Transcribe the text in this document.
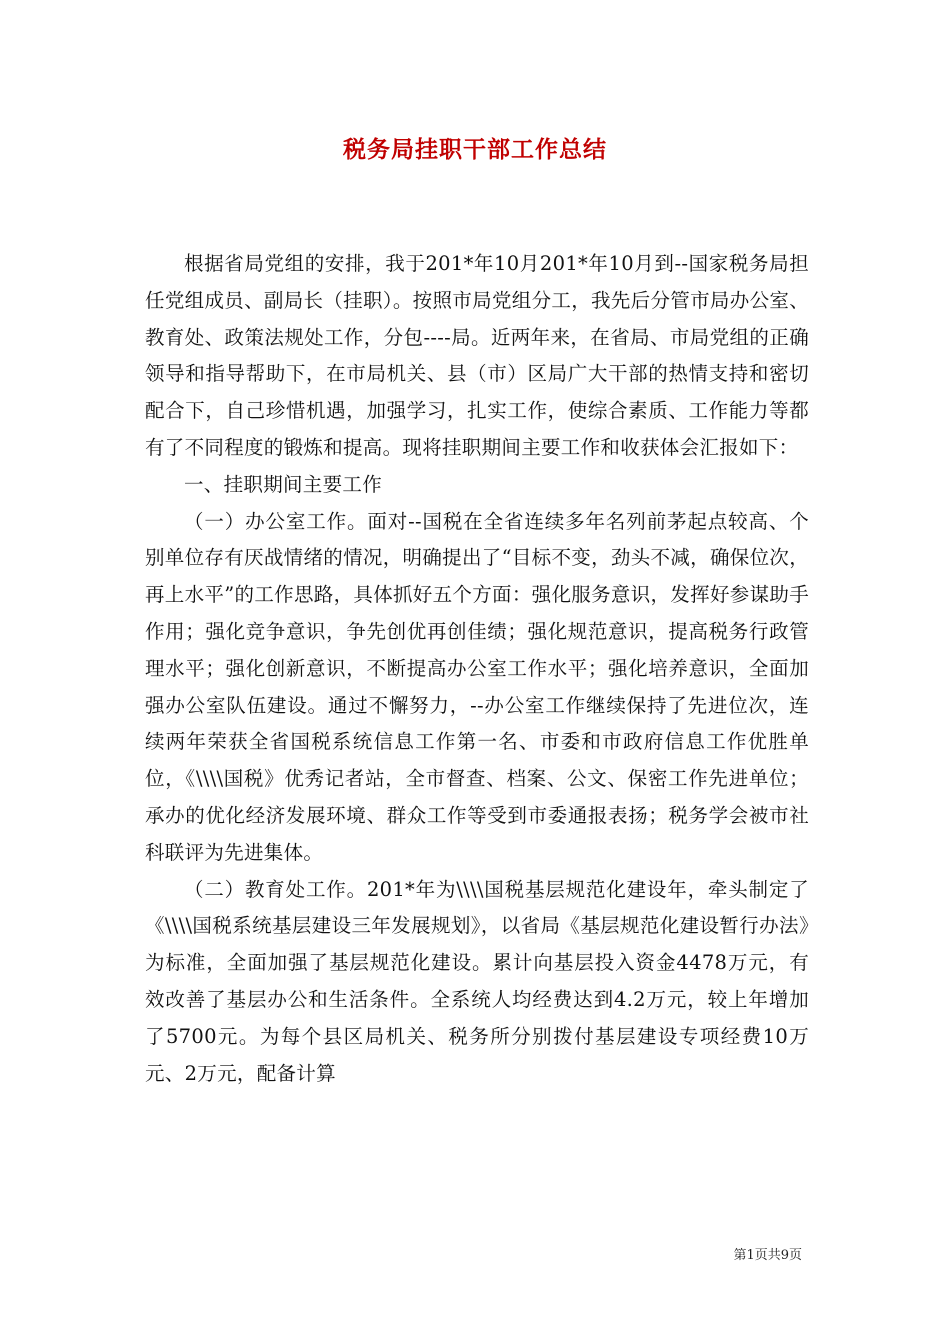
税务局挂职干部工作总结

根据省局党组的安排，我于201*年10月201*年10月到--国家税务局担任党组成员、副局长（挂职）。按照市局党组分工，我先后分管市局办公室、教育处、政策法规处工作，分包----局。近两年来，在省局、市局党组的正确领导和指导帮助下，在市局机关、县（市）区局广大干部的热情支持和密切配合下，自己珍惜机遇，加强学习，扎实工作，使综合素质、工作能力等都有了不同程度的锻炼和提高。现将挂职期间主要工作和收获体会汇报如下：

一、挂职期间主要工作

（一）办公室工作。面对--国税在全省连续多年名列前茅起点较高、个别单位存有厌战情绪的情况，明确提出了“目标不变，劲头不减，确保位次，再上水平”的工作思路，具体抓好五个方面：强化服务意识，发挥好参谋助手作用；强化竞争意识，争先创优再创佳绩；强化规范意识，提高税务行政管理水平；强化创新意识，不断提高办公室工作水平；强化培养意识，全面加强办公室队伍建设。通过不懈努力，--办公室工作继续保持了先进位次，连续两年荣获全省国税系统信息工作第一名、市委和市政府信息工作优胜单位，《\\\\国税》优秀记者站，全市督查、档案、公文、保密工作先进单位；承办的优化经济发展环境、群众工作等受到市委通报表扬；税务学会被市社科联评为先进集体。

（二）教育处工作。201*年为\\\\国税基层规范化建设年，牵头制定了《\\\\国税系统基层建设三年发展规划》，以省局《基层规范化建设暂行办法》为标准，全面加强了基层规范化建设。累计向基层投入资金4478万元，有效改善了基层办公和生活条件。全系统人均经费达到4.2万元，较上年增加了5700元。为每个县区局机关、税务所分别拨付基层建设专项经费10万元、2万元，配备计算

第1页共9页
